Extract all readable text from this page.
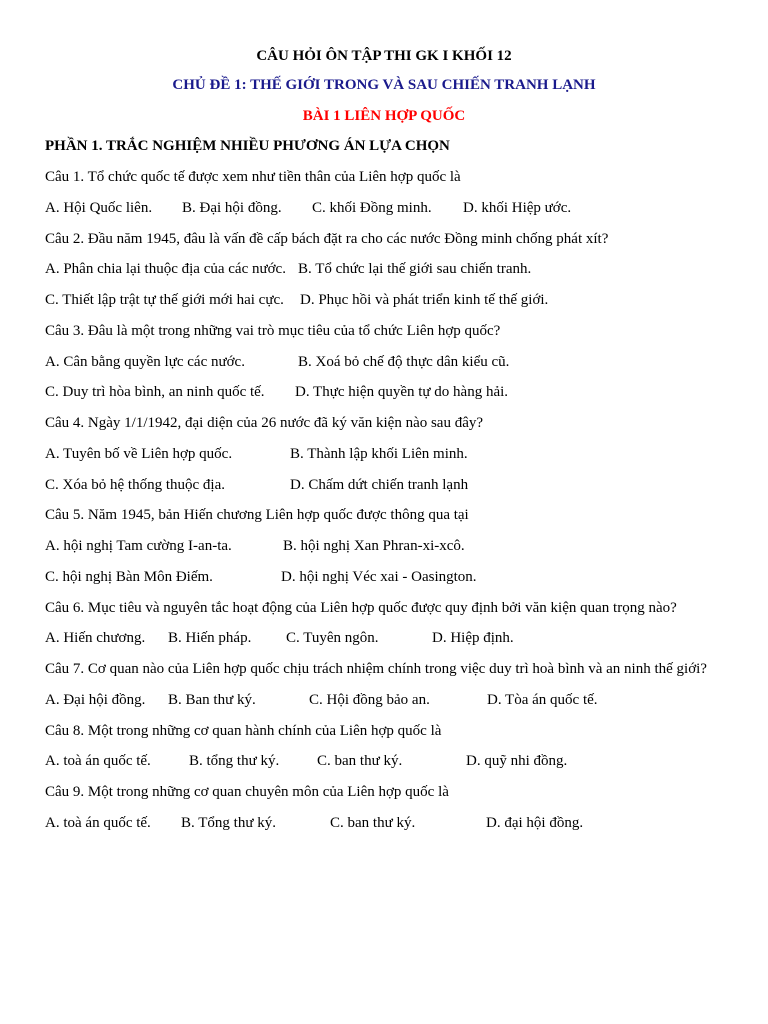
CÂU HỎI ÔN TẬP THI GK I KHỐI 12
CHỦ ĐỀ 1: THẾ GIỚI TRONG VÀ SAU CHIẾN TRANH LẠNH
BÀI 1 LIÊN HỢP QUỐC
PHẦN 1. TRẮC NGHIỆM NHIỀU PHƯƠNG ÁN LỰA CHỌN
Câu 1. Tổ chức quốc tế được xem như tiền thân của Liên hợp quốc là
A. Hội Quốc liên. B. Đại hội đồng. C. khối Đồng minh. D. khối Hiệp ước.
Câu 2. Đầu năm 1945, đâu là vấn đề cấp bách đặt ra cho các nước Đồng minh chống phát xít?
A. Phân chia lại thuộc địa của các nước. B. Tổ chức lại thế giới sau chiến tranh.
C. Thiết lập trật tự thế giới mới hai cực. D. Phục hồi và phát triển kinh tế thế giới.
Câu 3. Đâu là một trong những vai trò mục tiêu của tổ chức Liên hợp quốc?
A. Cân bằng quyền lực các nước.	B. Xoá bỏ chế độ thực dân kiểu cũ.
C. Duy trì hòa bình, an ninh quốc tế. D. Thực hiện quyền tự do hàng hải.
Câu 4. Ngày 1/1/1942, đại diện của 26 nước đã ký văn kiện nào sau đây?
A. Tuyên bố về Liên hợp quốc.	B. Thành lập khối Liên minh.
C. Xóa bỏ hệ thống thuộc địa.	D. Chấm dứt chiến tranh lạnh
Câu 5. Năm 1945, bản Hiến chương Liên hợp quốc được thông qua tại
A. hội nghị Tam cường I-an-ta.	B. hội nghị Xan Phran-xi-xcô.
C. hội nghị Bàn Môn Điếm.	D. hội nghị Véc xai - Oasington.
Câu 6. Mục tiêu và nguyên tắc hoạt động của Liên hợp quốc được quy định bởi văn kiện quan trọng nào?
A. Hiến chương. B. Hiến pháp. C. Tuyên ngôn.	D. Hiệp định.
Câu 7. Cơ quan nào của Liên hợp quốc chịu trách nhiệm chính trong việc duy trì hoà bình và an ninh thế giới?
A. Đại hội đồng. B. Ban thư ký.	C. Hội đồng bảo an.	D. Tòa án quốc tế.
Câu 8. Một trong những cơ quan hành chính của Liên hợp quốc là
A. toà án quốc tế.	B. tổng thư ký.	C. ban thư ký.	D. quỹ nhi đồng.
Câu 9. Một trong những cơ quan chuyên môn của Liên hợp quốc là
A. toà án quốc tế. B. Tổng thư ký.	C. ban thư ký.	D. đại hội đồng.
